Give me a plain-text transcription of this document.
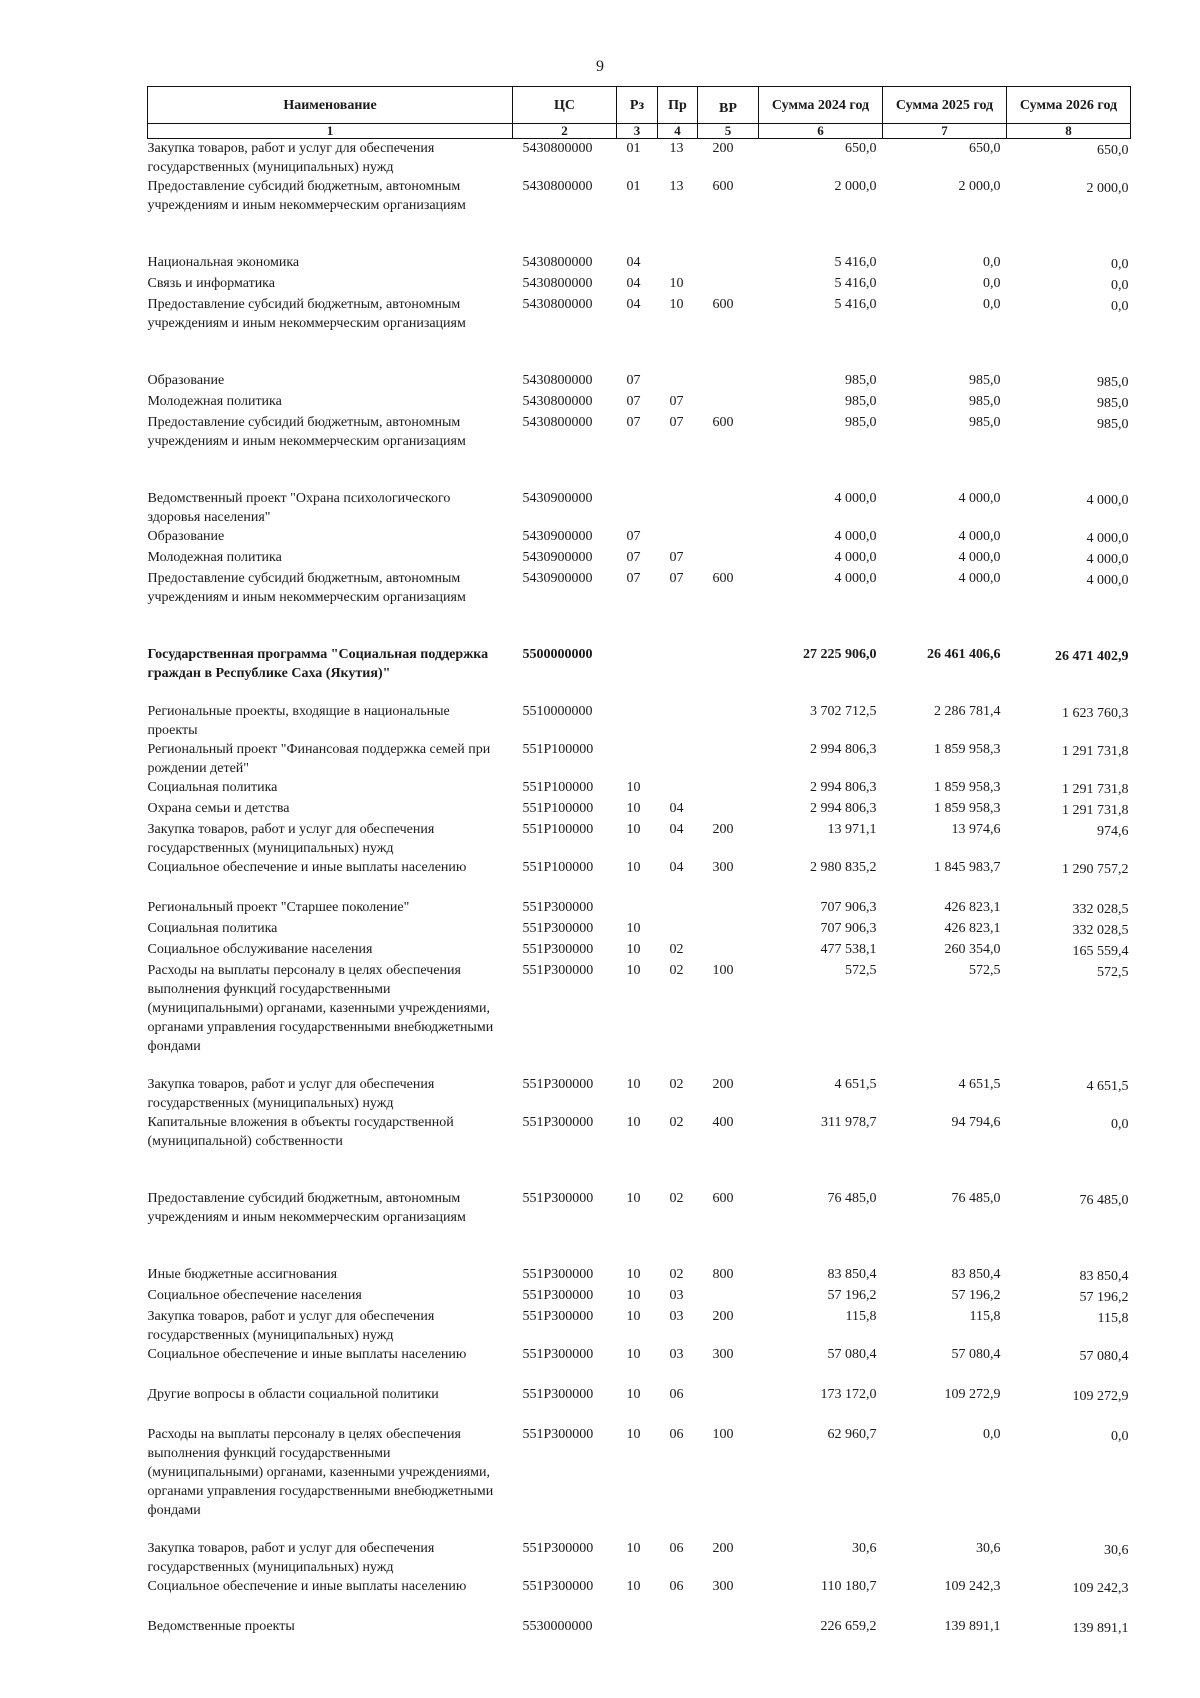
9
Наименование	ЦС	Рз	Пр	ВР	Сумма 2024 год	Сумма 2025 год	Сумма 2026 год
1	2	3	4	5	6	7	8
Закупка товаров, работ и услуг для обеспечения государственных (муниципальных) нужд	5430800000	01	13	200	650,0	650,0	650,0
Предоставление субсидий бюджетным, автономным учреждениям и иным некоммерческим организациям	5430800000	01	13	600	2 000,0	2 000,0	2 000,0
Национальная экономика	5430800000	04			5 416,0	0,0	0,0
Связь и информатика	5430800000	04	10		5 416,0	0,0	0,0
Предоставление субсидий бюджетным, автономным учреждениям и иным некоммерческим организациям	5430800000	04	10	600	5 416,0	0,0	0,0
Образование	5430800000	07			985,0	985,0	985,0
Молодежная политика	5430800000	07	07		985,0	985,0	985,0
Предоставление субсидий бюджетным, автономным учреждениям и иным некоммерческим организациям	5430800000	07	07	600	985,0	985,0	985,0
Ведомственный проект "Охрана психологического здоровья населения"	5430900000				4 000,0	4 000,0	4 000,0
Образование	5430900000	07			4 000,0	4 000,0	4 000,0
Молодежная политика	5430900000	07	07		4 000,0	4 000,0	4 000,0
Предоставление субсидий бюджетным, автономным учреждениям и иным некоммерческим организациям	5430900000	07	07	600	4 000,0	4 000,0	4 000,0
Государственная программа "Социальная поддержка граждан в Республике Саха (Якутия)"	5500000000				27 225 906,0	26 461 406,6	26 471 402,9
Региональные проекты, входящие в национальные проекты	5510000000				3 702 712,5	2 286 781,4	1 623 760,3
Региональный проект "Финансовая поддержка семей при рождении детей"	551P100000				2 994 806,3	1 859 958,3	1 291 731,8
Социальная политика	551P100000	10			2 994 806,3	1 859 958,3	1 291 731,8
Охрана семьи и детства	551P100000	10	04		2 994 806,3	1 859 958,3	1 291 731,8
Закупка товаров, работ и услуг для обеспечения государственных (муниципальных) нужд	551P100000	10	04	200	13 971,1	13 974,6	974,6
Социальное обеспечение и иные выплаты населению	551P100000	10	04	300	2 980 835,2	1 845 983,7	1 290 757,2
Региональный проект "Старшее поколение"	551P300000				707 906,3	426 823,1	332 028,5
Социальная политика	551P300000	10			707 906,3	426 823,1	332 028,5
Социальное обслуживание населения	551P300000	10	02		477 538,1	260 354,0	165 559,4
Расходы на выплаты персоналу в целях обеспечения выполнения функций государственными (муниципальными) органами, казенными учреждениями, органами управления государственными внебюджетными фондами	551P300000	10	02	100	572,5	572,5	572,5
Закупка товаров, работ и услуг для обеспечения государственных (муниципальных) нужд	551P300000	10	02	200	4 651,5	4 651,5	4 651,5
Капитальные вложения в объекты государственной (муниципальной) собственности	551P300000	10	02	400	311 978,7	94 794,6	0,0
Предоставление субсидий бюджетным, автономным учреждениям и иным некоммерческим организациям	551P300000	10	02	600	76 485,0	76 485,0	76 485,0
Иные бюджетные ассигнования	551P300000	10	02	800	83 850,4	83 850,4	83 850,4
Социальное обеспечение населения	551P300000	10	03		57 196,2	57 196,2	57 196,2
Закупка товаров, работ и услуг для обеспечения государственных (муниципальных) нужд	551P300000	10	03	200	115,8	115,8	115,8
Социальное обеспечение и иные выплаты населению	551P300000	10	03	300	57 080,4	57 080,4	57 080,4
Другие вопросы в области социальной политики	551P300000	10	06		173 172,0	109 272,9	109 272,9
Расходы на выплаты персоналу в целях обеспечения выполнения функций государственными (муниципальными) органами, казенными учреждениями, органами управления государственными внебюджетными фондами	551P300000	10	06	100	62 960,7	0,0	0,0
Закупка товаров, работ и услуг для обеспечения государственных (муниципальных) нужд	551P300000	10	06	200	30,6	30,6	30,6
Социальное обеспечение и иные выплаты населению	551P300000	10	06	300	110 180,7	109 242,3	109 242,3
Ведомственные проекты	5530000000				226 659,2	139 891,1	139 891,1
